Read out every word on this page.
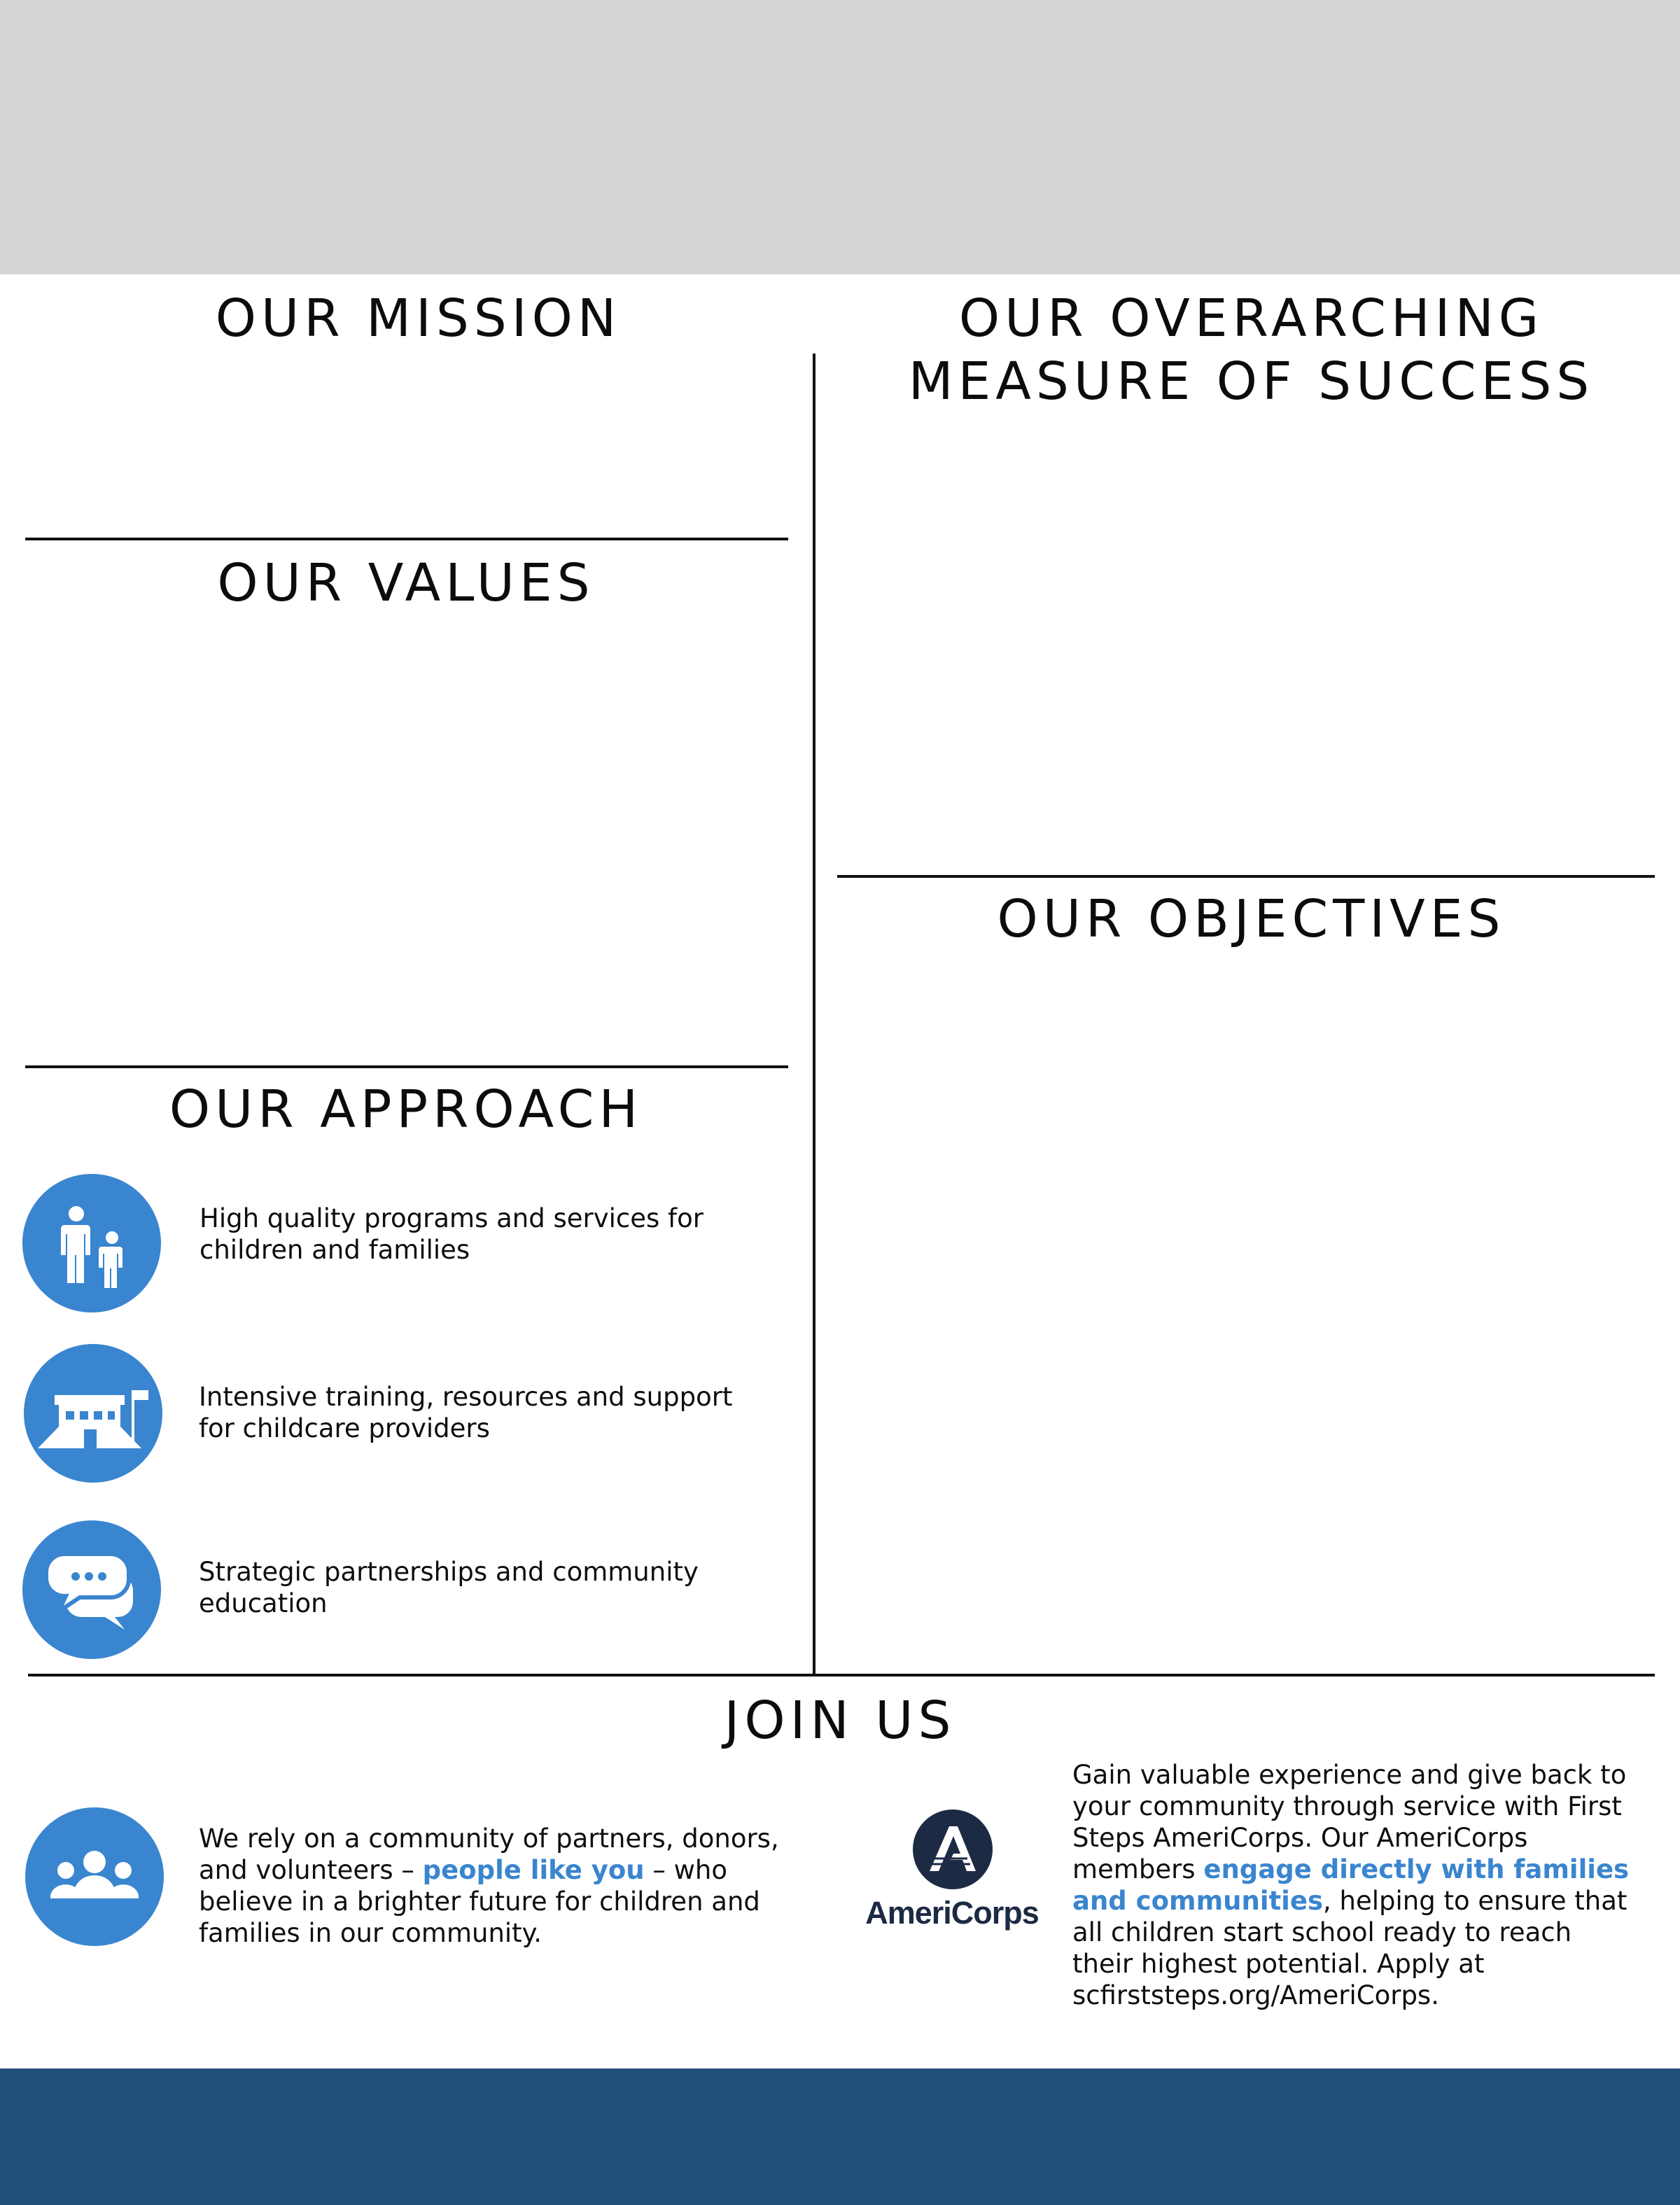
OUR MISSION	OUR OVERARCHING
MEASURE OF SUCCESS
OUR VALUES
OUR OBJECTIVES
OUR APPROACH
JOIN US

High quality programs and services for
children and families

Intensive training, resources and support
for childcare providers

Strategic partnerships and community
education

We rely on a community of partners, donors,
and volunteers – people like you – who
believe in a brighter future for children and
families in our community.

AmeriCorps

Gain valuable experience and give back to
your community through service with First
Steps AmeriCorps. Our AmeriCorps
members engage directly with families
and communities, helping to ensure that
all children start school ready to reach
their highest potential. Apply at
scfirststeps.org/AmeriCorps.
